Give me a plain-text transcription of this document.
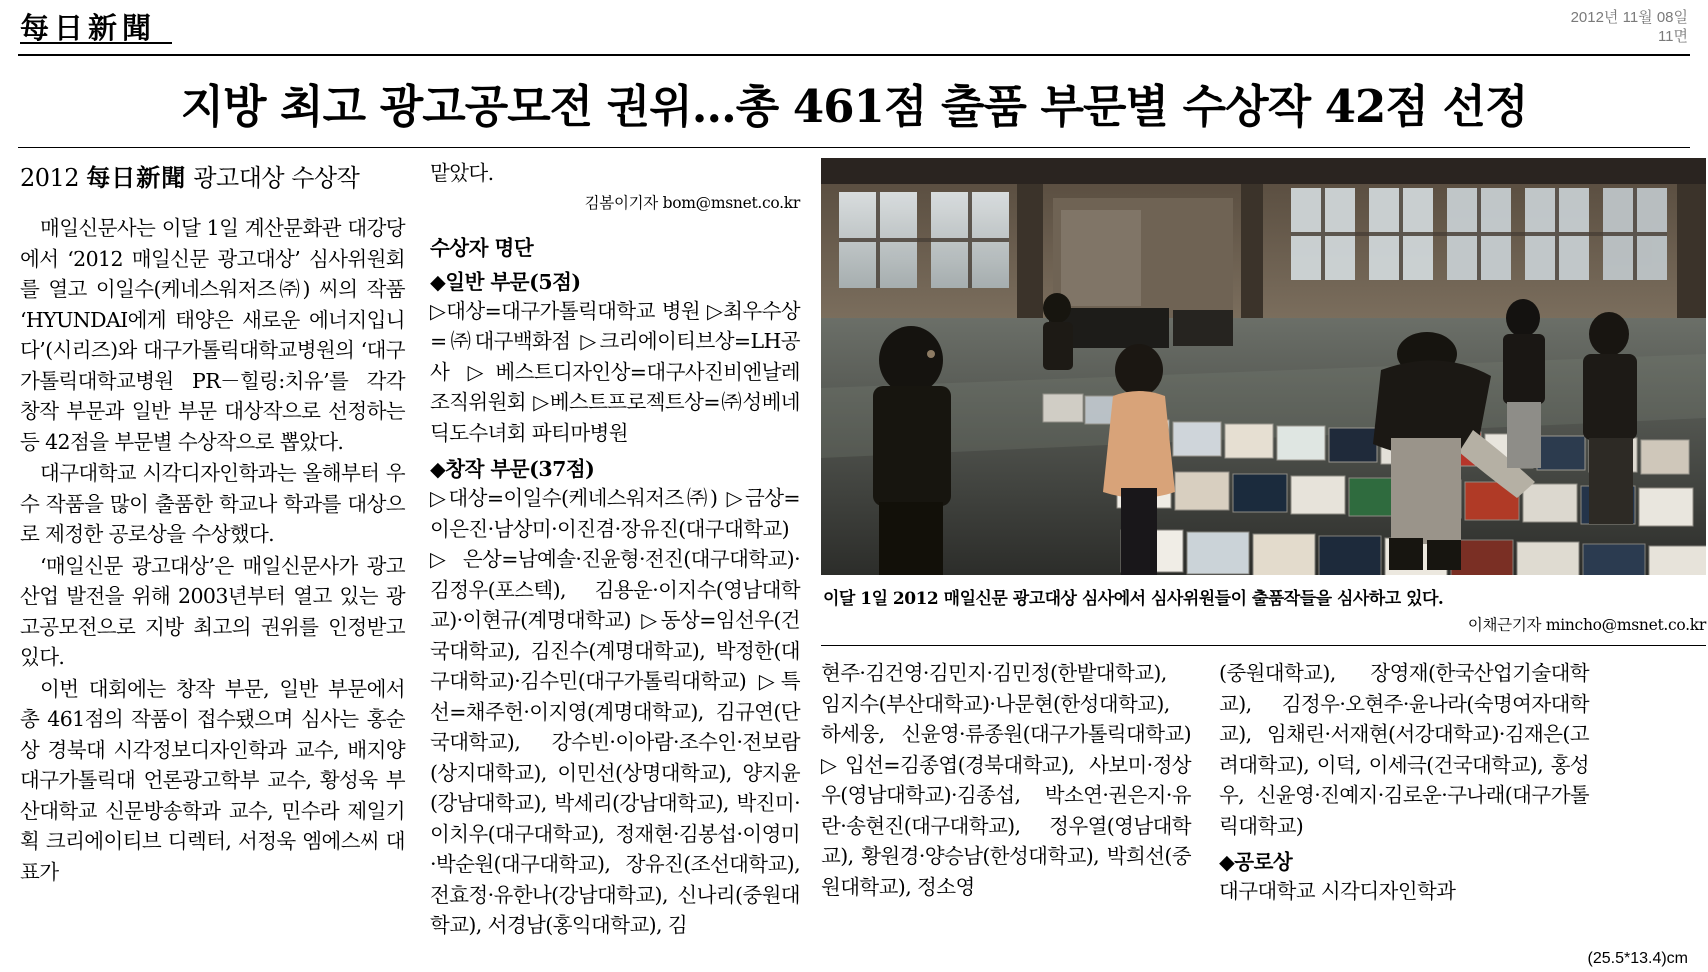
每日新聞	2012년 11월 08일
11면
지방 최고 광고공모전 권위…총 461점 출품 부문별 수상작 42점 선정
2012 每日新聞 광고대상 수상작

매일신문사는 이달 1일 계산문화관 대강당에서 ‘2012 매일신문 광고대상’ 심사위원회를 열고 이일수(케네스워저즈㈜) 씨의 작품 ‘HYUNDAI에게 태양은 새로운 에너지입니다’(시리즈)와 대구가톨릭대학교병원의 ‘대구가톨릭대학교병원 PR－힐링:치유’를 각각 창작 부문과 일반 부문 대상작으로 선정하는 등 42점을 부문별 수상작으로 뽑았다.

대구대학교 시각디자인학과는 올해부터 우수 작품을 많이 출품한 학교나 학과를 대상으로 제정한 공로상을 수상했다.

‘매일신문 광고대상’은 매일신문사가 광고산업 발전을 위해 2003년부터 열고 있는 광고공모전으로 지방 최고의 권위를 인정받고 있다.

이번 대회에는 창작 부문, 일반 부문에서 총 461점의 작품이 접수됐으며 심사는 홍순상 경북대 시각정보디자인학과 교수, 배지양 대구가톨릭대 언론광고학부 교수, 황성욱 부산대학교 신문방송학과 교수, 민수라 제일기획 크리에이티브 디렉터, 서정욱 엠에스씨 대표가

맡았다.

김봄이기자 bom@msnet.co.kr
수상자 명단
◆일반 부문(5점)

▷대상=대구가톨릭대학교 병원 ▷최우수상=㈜대구백화점 ▷크리에이티브상=LH공사 ▷베스트디자인상=대구사진비엔날레 조직위원회 ▷베스트프로젝트상=㈜성베네딕도수녀회 파티마병원

◆창작 부문(37점)

▷대상=이일수(케네스워저즈㈜) ▷금상=이은진·남상미·이진겸·장유진(대구대학교) ▷은상=남예솔·진윤형·전진(대구대학교)·김정우(포스텍), 김용운·이지수(영남대학교)·이현규(계명대학교) ▷동상=임선우(건국대학교), 김진수(계명대학교), 박정한(대구대학교)·김수민(대구가톨릭대학교) ▷특선=채주헌·이지영(계명대학교), 김규연(단국대학교), 강수빈·이아람·조수인·전보람(상지대학교), 이민선(상명대학교), 양지윤(강남대학교), 박세리(강남대학교), 박진미·이치우(대구대학교), 정재현·김봉섭·이영미·박순원(대구대학교), 장유진(조선대학교), 전효정·유한나(강남대학교), 신나리(중원대학교), 서경남(홍익대학교), 김

이달 1일 2012 매일신문 광고대상 심사에서 심사위원들이 출품작들을 심사하고 있다.
이채근기자 mincho@msnet.co.kr

현주·김건영·김민지·김민정(한밭대학교), 임지수(부산대학교)·나문현(한성대학교), 하세웅, 신윤영·류종원(대구가톨릭대학교) ▷입선=김종엽(경북대학교), 사보미·정상우(영남대학교)·김종섭, 박소연·권은지·유란·송현진(대구대학교), 정우열(영남대학교), 황원경·양승남(한성대학교), 박희선(중원대학교), 정소영

(중원대학교), 장영재(한국산업기술대학교), 김정우·오현주·윤나라(숙명여자대학교), 임채린·서재현(서강대학교)·김재은(고려대학교), 이덕, 이세극(건국대학교), 홍성우, 신윤영·진예지·김로운·구나래(대구가톨릭대학교)

◆공로상

대구대학교 시각디자인학과

(25.5*13.4)cm
